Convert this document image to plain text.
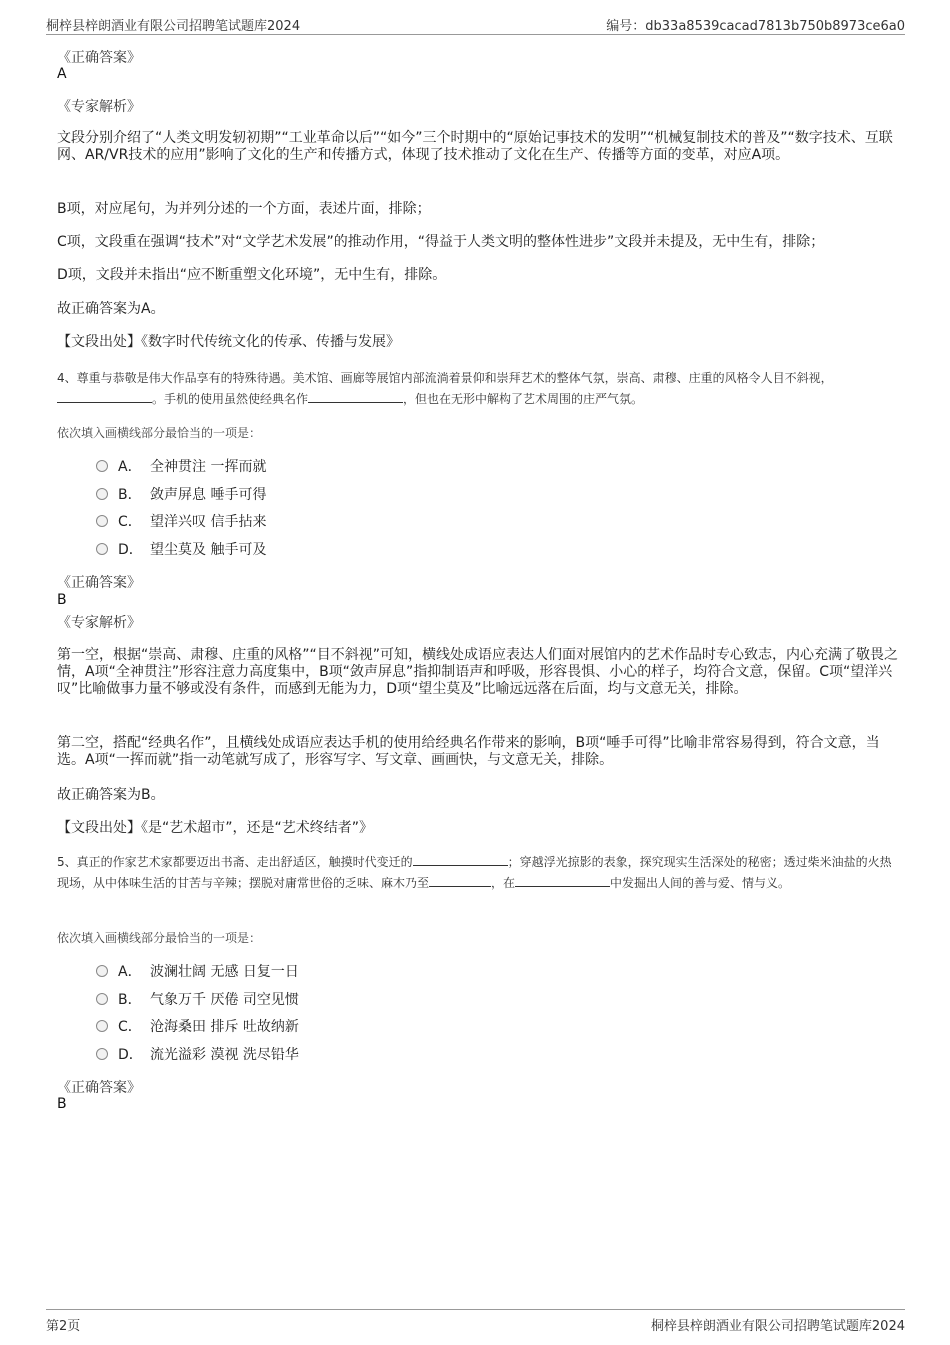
桐梓县梓朗酒业有限公司招聘笔试题库2024	编号：db33a8539cacad7813b750b8973ce6a0
《正确答案》
A
《专家解析》

文段分别介绍了“人类文明发轫初期”“工业革命以后”“如今”三个时期中的“原始记事技术的发明”“机械复制技术的普及”“数字技术、互联网、AR/VR技术的应用”影响了文化的生产和传播方式，体现了技术推动了文化在生产、传播等方面的变革，对应A项。

B项，对应尾句，为并列分述的一个方面，表述片面，排除；

C项，文段重在强调“技术”对“文学艺术发展”的推动作用，“得益于人类文明的整体性进步”文段并未提及，无中生有，排除；

D项，文段并未指出“应不断重塑文化环境”，无中生有，排除。

故正确答案为A。

【文段出处】《数字时代传统文化的传承、传播与发展》

4、尊重与恭敬是伟大作品享有的特殊待遇。美术馆、画廊等展馆内部流淌着景仰和崇拜艺术的整体气氛，崇高、肃穆、庄重的风格令人目不斜视，。手机的使用虽然使经典名作	，但也在无形中解构了艺术周围的庄严气氛。

依次填入画横线部分最恰当的一项是：
A． 全神贯注 一挥而就
B． 敛声屏息 唾手可得
C． 望洋兴叹 信手拈来
D． 望尘莫及 触手可及
《正确答案》
B
《专家解析》

第一空，根据“崇高、肃穆、庄重的风格”“目不斜视”可知，横线处成语应表达人们面对展馆内的艺术作品时专心致志，内心充满了敬畏之情，A项“全神贯注”形容注意力高度集中，B项“敛声屏息”指抑制语声和呼吸，形容畏惧、小心的样子，均符合文意，保留。C项“望洋兴叹”比喻做事力量不够或没有条件，而感到无能为力，D项“望尘莫及”比喻远远落在后面，均与文意无关，排除。

第二空，搭配“经典名作”，且横线处成语应表达手机的使用给经典名作带来的影响，B项“唾手可得”比喻非常容易得到，符合文意，当选。A项“一挥而就”指一动笔就写成了，形容写字、写文章、画画快，与文意无关，排除。

故正确答案为B。

【文段出处】《是“艺术超市”，还是“艺术终结者”》

5、真正的作家艺术家都要迈出书斋、走出舒适区，触摸时代变迁的	；穿越浮光掠影的表象，探究现实生活深处的秘密；透过柴米油盐的火热现场，从中体味生活的甘苦与辛辣；摆脱对庸常世俗的乏味、麻木乃至	，在	中发掘出人间的善与爱、情与义。

依次填入画横线部分最恰当的一项是：
A． 波澜壮阔 无感 日复一日
B． 气象万千 厌倦 司空见惯
C． 沧海桑田 排斥 吐故纳新
D． 流光溢彩 漠视 洗尽铅华
《正确答案》
B
第2页	桐梓县梓朗酒业有限公司招聘笔试题库2024
